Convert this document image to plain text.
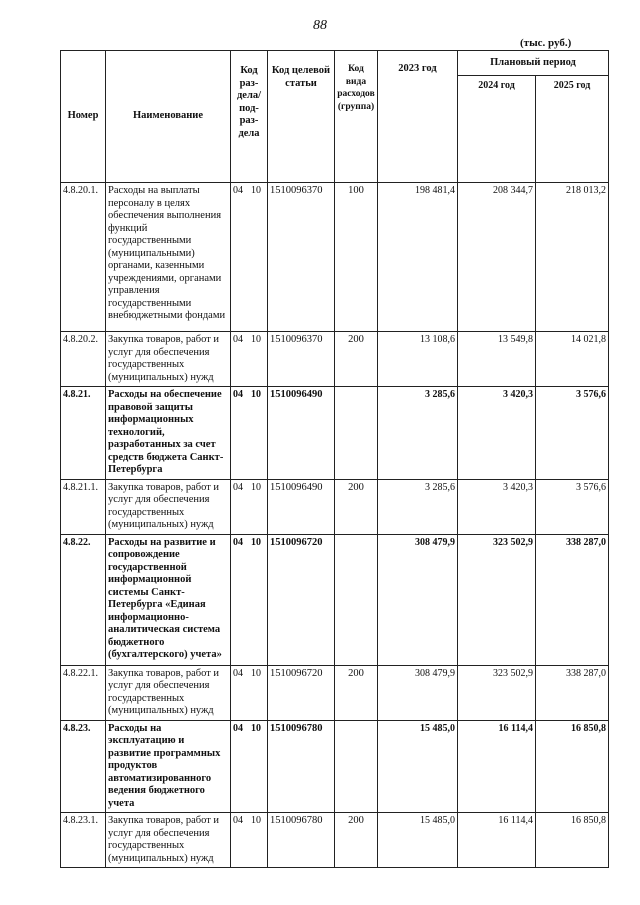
88
(тыс. руб.)
Номер	Наименование	Код раз-дела/ под-раз-дела	Код целевой статьи	Код вида расходов (группа)	2023 год	Плановый период	
						2024 год	2025 год
4.8.20.1.	Расходы на выплаты персоналу в целях обеспечения выполнения функций государственными (муниципальными) органами, казенными учреждениями, органами управления государственными внебюджетными фондами	04 10	1510096370	100	198 481,4	208 344,7	218 013,2
4.8.20.2.	Закупка товаров, работ и услуг для обеспечения государственных (муниципальных) нужд	04 10	1510096370	200	13 108,6	13 549,8	14 021,8
4.8.21.	Расходы на обеспечение правовой защиты информационных технологий, разработанных за счет средств бюджета Санкт-Петербурга	04 10	1510096490		3 285,6	3 420,3	3 576,6
4.8.21.1.	Закупка товаров, работ и услуг для обеспечения государственных (муниципальных) нужд	04 10	1510096490	200	3 285,6	3 420,3	3 576,6
4.8.22.	Расходы на развитие и сопровождение государственной информационной системы Санкт-Петербурга «Единая информационно-аналитическая система бюджетного (бухгалтерского) учета»	04 10	1510096720		308 479,9	323 502,9	338 287,0
4.8.22.1.	Закупка товаров, работ и услуг для обеспечения государственных (муниципальных) нужд	04 10	1510096720	200	308 479,9	323 502,9	338 287,0
4.8.23.	Расходы на эксплуатацию и развитие программных продуктов автоматизированного ведения бюджетного учета	04 10	1510096780		15 485,0	16 114,4	16 850,8
4.8.23.1.	Закупка товаров, работ и услуг для обеспечения государственных (муниципальных) нужд	04 10	1510096780	200	15 485,0	16 114,4	16 850,8
